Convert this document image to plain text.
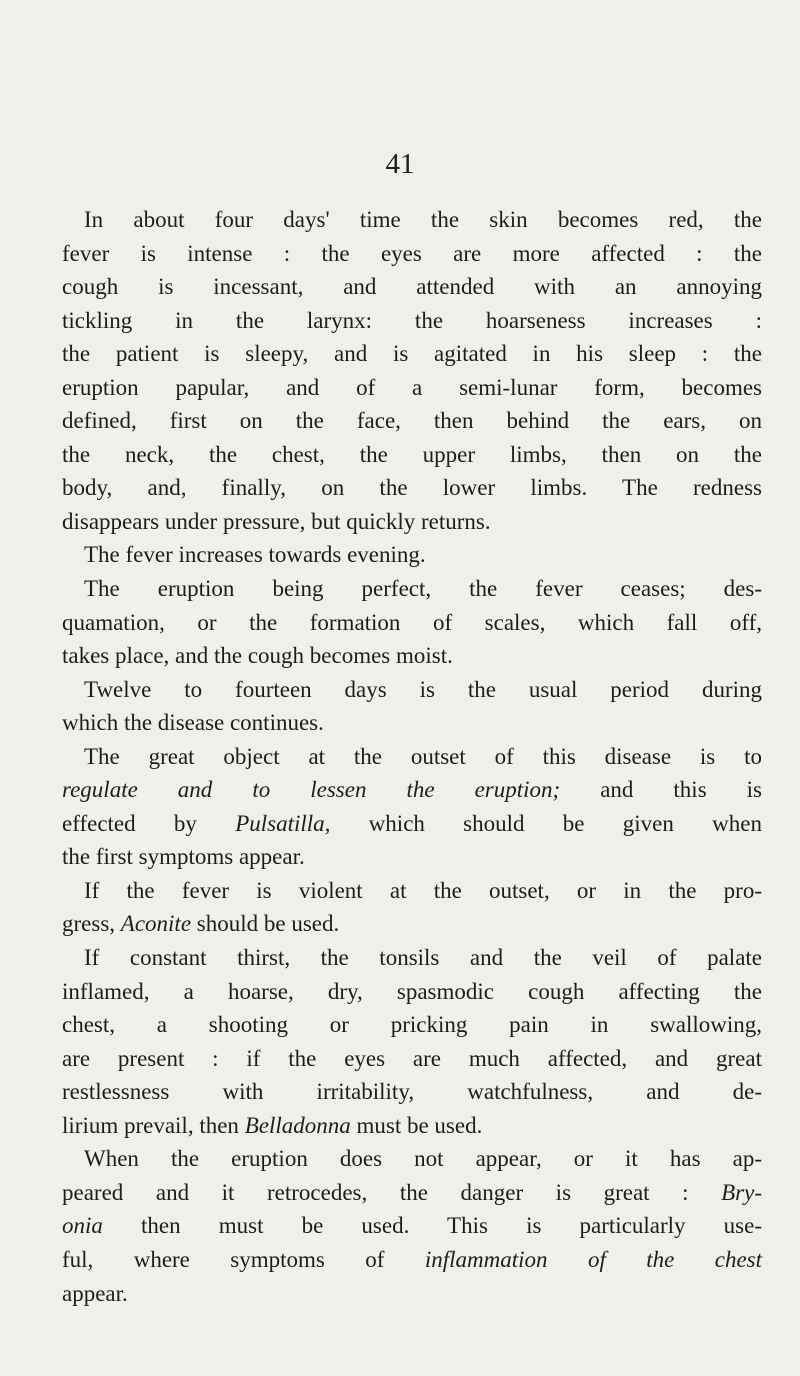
41
In about four days' time the skin becomes red, the
fever is intense : the eyes are more affected : the
cough is incessant, and attended with an annoying
tickling in the larynx: the hoarseness increases :
the patient is sleepy, and is agitated in his sleep : the
eruption papular, and of a semi-lunar form, becomes
defined, first on the face, then behind the ears, on
the neck, the chest, the upper limbs, then on the
body, and, finally, on the lower limbs. The redness
disappears under pressure, but quickly returns.
The fever increases towards evening.
The eruption being perfect, the fever ceases; des-
quamation, or the formation of scales, which fall off,
takes place, and the cough becomes moist.
Twelve to fourteen days is the usual period during
which the disease continues.
The great object at the outset of this disease is to
regulate and to lessen the eruption; and this is
effected by Pulsatilla, which should be given when
the first symptoms appear.
If the fever is violent at the outset, or in the pro-
gress, Aconite should be used.
If constant thirst, the tonsils and the veil of palate
inflamed, a hoarse, dry, spasmodic cough affecting the
chest, a shooting or pricking pain in swallowing,
are present : if the eyes are much affected, and great
restlessness with irritability, watchfulness, and de-
lirium prevail, then Belladonna must be used.
When the eruption does not appear, or it has ap-
peared and it retrocedes, the danger is great : Bry-
onia then must be used. This is particularly use-
ful, where symptoms of inflammation of the chest
appear.
